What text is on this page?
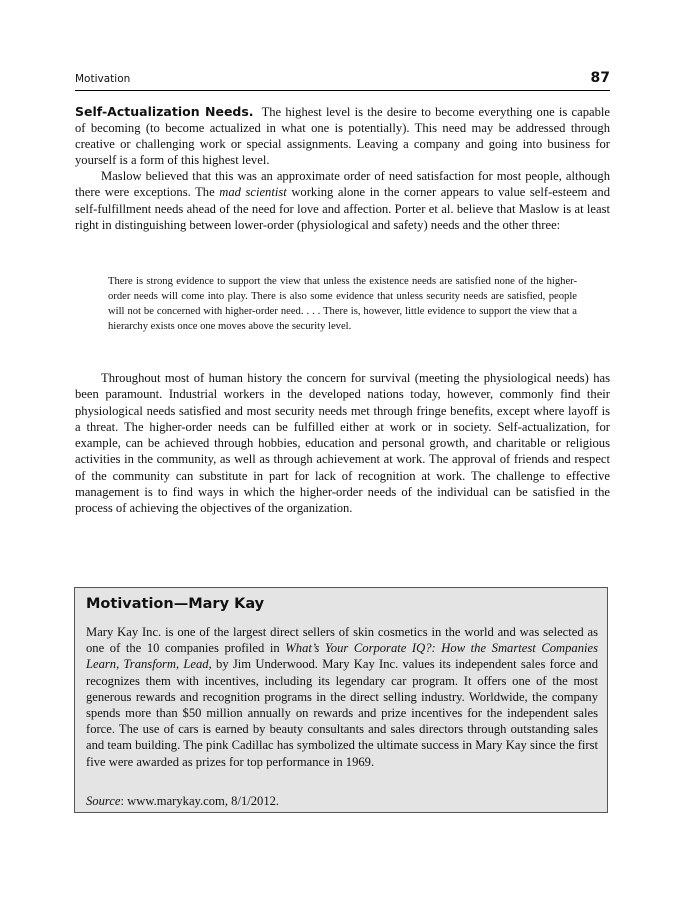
Motivation	87

Self-Actualization Needs. The highest level is the desire to become everything one is capable of becoming (to become actualized in what one is potentially). This need may be addressed through creative or challenging work or special assignments. Leaving a company and going into business for yourself is a form of this highest level.

Maslow believed that this was an approximate order of need satisfaction for most people, although there were exceptions. The mad scientist working alone in the corner appears to value self-esteem and self-fulfillment needs ahead of the need for love and affection. Porter et al. believe that Maslow is at least right in distinguishing between lower-order (physiological and safety) needs and the other three:

There is strong evidence to support the view that unless the existence needs are satisfied none of the higher-order needs will come into play. There is also some evidence that unless security needs are satisfied, people will not be concerned with higher-order need. . . . There is, however, little evidence to support the view that a hierarchy exists once one moves above the security level.

Throughout most of human history the concern for survival (meeting the physiological needs) has been paramount. Industrial workers in the developed nations today, however, commonly find their physiological needs satisfied and most security needs met through fringe benefits, except where layoff is a threat. The higher-order needs can be fulfilled either at work or in society. Self-actualization, for example, can be achieved through hobbies, education and personal growth, and charitable or religious activities in the community, as well as through achievement at work. The approval of friends and respect of the community can substitute in part for lack of recognition at work. The challenge to effective management is to find ways in which the higher-order needs of the individual can be satisfied in the process of achieving the objectives of the organization.

Motivation—Mary Kay

Mary Kay Inc. is one of the largest direct sellers of skin cosmetics in the world and was selected as one of the 10 companies profiled in What’s Your Corporate IQ?: How the Smartest Companies Learn, Transform, Lead, by Jim Underwood. Mary Kay Inc. values its independent sales force and recognizes them with incentives, including its legendary car program. It offers one of the most generous rewards and recognition programs in the direct selling industry. Worldwide, the company spends more than $50 million annually on rewards and prize incentives for the independent sales force. The use of cars is earned by beauty consultants and sales directors through outstanding sales and team building. The pink Cadillac has symbolized the ultimate success in Mary Kay since the first five were awarded as prizes for top performance in 1969.

Source: www.marykay.com, 8/1/2012.
